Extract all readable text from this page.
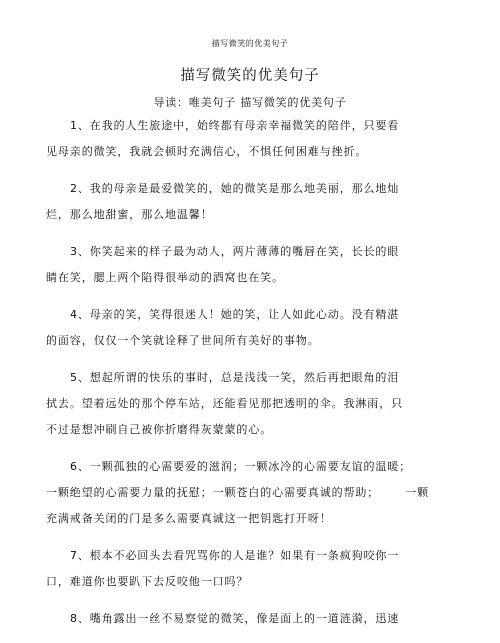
描写微笑的优美句子
描写微笑的优美句子
导读：唯美句子 描写微笑的优美句子

1、在我的人生旅途中，始终都有母亲幸福微笑的陪伴，只要看
见母亲的微笑，我就会顿时充满信心，不惧任何困难与挫折。

2、我的母亲是最爱微笑的，她的微笑是那么地美丽，那么地灿
烂，那么地甜蜜，那么地温馨！

3、你笑起来的样子最为动人，两片薄薄的嘴唇在笑，长长的眼
睛在笑，腮上两个陷得很举动的酒窝也在笑。

4、母亲的笑，笑得很迷人！她的笑，让人如此心动。没有精湛
的面容，仅仅一个笑就诠释了世间所有美好的事物。

5、想起所谓的快乐的事时，总是浅浅一笑，然后再把眼角的泪
拭去。望着远处的那个停车站，还能看见那把透明的伞。我淋雨，只
不过是想冲刷自己被你折磨得灰蒙蒙的心。

6、一颗孤独的心需要爱的滋润；一颗冰冷的心需要友谊的温暖；
一颗绝望的心需要力量的抚慰；一颗苍白的心需要真诚的帮助； 一颗
充满戒备关闭的门是多么需要真诚这一把钥匙打开呀！

7、根本不必回头去看咒骂你的人是谁？如果有一条疯狗咬你一
口，难道你也要趴下去反咬他一口吗？

8、嘴角露出一丝不易察觉的微笑，像是面上的一道涟漪，迅速
